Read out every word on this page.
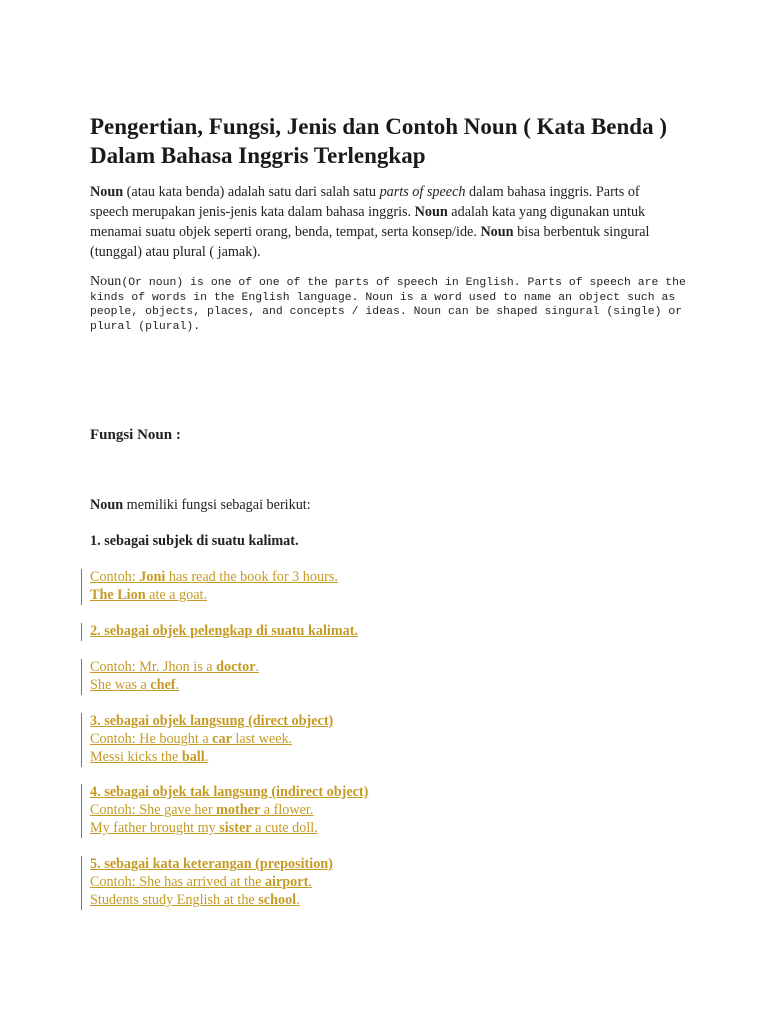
Pengertian, Fungsi, Jenis dan Contoh Noun ( Kata Benda ) Dalam Bahasa Inggris Terlengkap

Noun (atau kata benda) adalah satu dari salah satu parts of speech dalam bahasa inggris. Parts of speech merupakan jenis-jenis kata dalam bahasa inggris. Noun adalah kata yang digunakan untuk menamai suatu objek seperti orang, benda, tempat, serta konsep/ide. Noun bisa berbentuk singural (tunggal) atau plural ( jamak).

Noun(Or noun) is one of one of the parts of speech in English. Parts of speech are the kinds of words in the English language. Noun is a word used to name an object such as people, objects, places, and concepts / ideas. Noun can be shaped singural (single) or plural (plural).

Fungsi Noun :

Noun memiliki fungsi sebagai berikut:

1. sebagai subjek di suatu kalimat.

Contoh: Joni has read the book for 3 hours.
The Lion ate a goat.
2. sebagai objek pelengkap di suatu kalimat.
Contoh: Mr. Jhon is a doctor.
She was a chef.
3. sebagai objek langsung (direct object)
Contoh: He bought a car last week.
Messi kicks the ball.
4. sebagai objek tak langsung (indirect object)
Contoh: She gave her mother a flower.
My father brought my sister a cute doll.
5. sebagai kata keterangan (preposition)
Contoh: She has arrived at the airport.
Students study English at the school.
